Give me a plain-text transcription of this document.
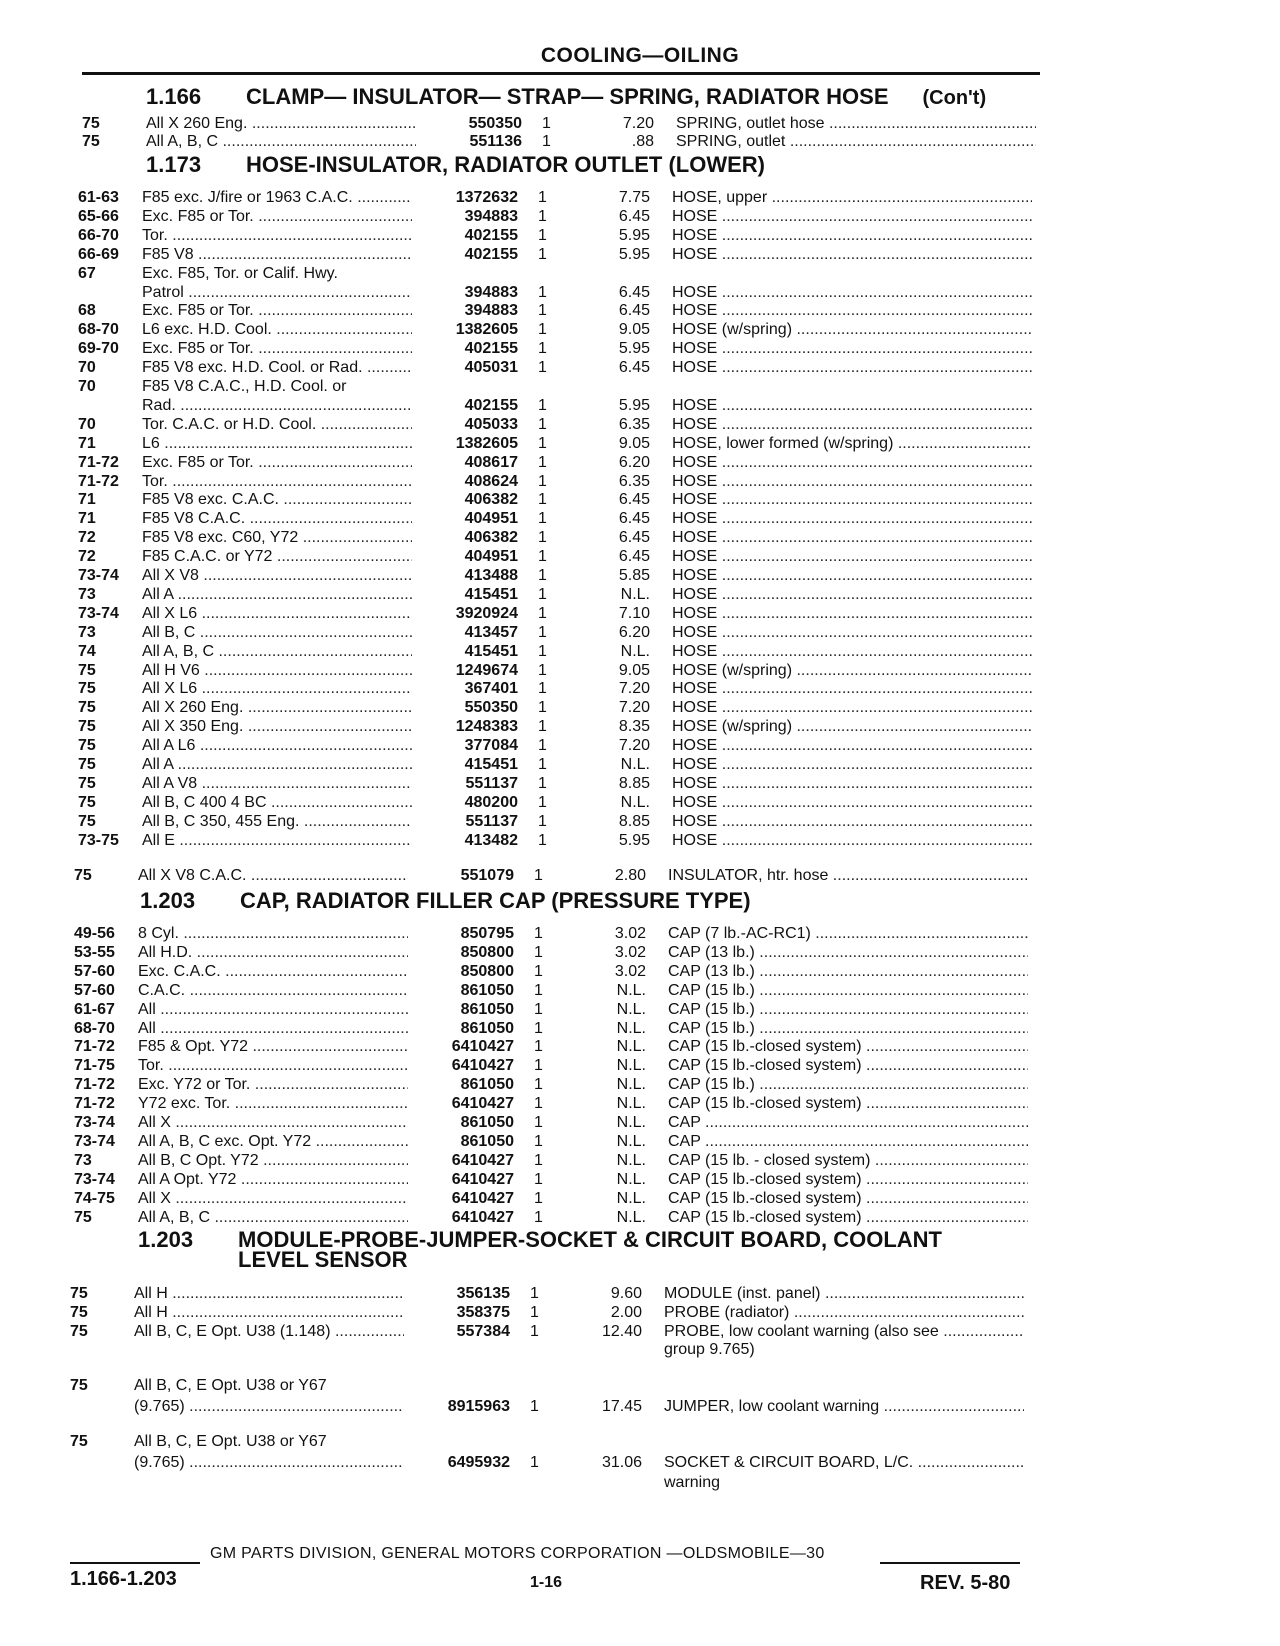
COOLING—OILING
1.166 CLAMP— INSULATOR— STRAP— SPRING, RADIATOR HOSE (Con't)
75	All X 260 Eng. .....	550350 1	7.20 SPRING, outlet hose .....
75	All A, B, C .....	551136 1	.88 SPRING, outlet .....
1.173 HOSE-INSULATOR, RADIATOR OUTLET (LOWER)
61-63	F85 exc. J/fire or 1963 C.A.C. .....	1372632 1	7.75 HOSE, upper .....
65-66	Exc. F85 or Tor. .....	394883 1	6.45 HOSE .....
66-70	Tor. .....	402155 1	5.95 HOSE .....
66-69	F85 V8 .....	402155 1	5.95 HOSE .....
67	Exc. F85, Tor. or Calif. Hwy.
Patrol .....	394883 1	6.45 HOSE .....
68	Exc. F85 or Tor. .....	394883 1	6.45 HOSE .....
68-70	L6 exc. H.D. Cool. .....	1382605 1	9.05 HOSE (w/spring) .....
69-70	Exc. F85 or Tor. .....	402155 1	5.95 HOSE .....
70	F85 V8 exc. H.D. Cool. or Rad. .....	405031 1	6.45 HOSE .....
70	F85 V8 C.A.C., H.D. Cool. or
Rad. .....	402155 1	5.95 HOSE .....
70	Tor. C.A.C. or H.D. Cool. .....	405033 1	6.35 HOSE .....
71	L6 .....	1382605 1	9.05 HOSE, lower formed (w/spring) .....
71-72	Exc. F85 or Tor. .....	408617 1	6.20 HOSE .....
71-72	Tor. .....	408624 1	6.35 HOSE .....
71	F85 V8 exc. C.A.C. .....	406382 1	6.45 HOSE .....
71	F85 V8 C.A.C. .....	404951 1	6.45 HOSE .....
72	F85 V8 exc. C60, Y72 .....	406382 1	6.45 HOSE .....
72	F85 C.A.C. or Y72 .....	404951 1	6.45 HOSE .....
73-74	All X V8 .....	413488 1	5.85 HOSE .....
73	All A .....	415451 1	N.L. HOSE .....
73-74	All X L6 .....	3920924 1	7.10 HOSE .....
73	All B, C .....	413457 1	6.20 HOSE .....
74	All A, B, C .....	415451 1	N.L. HOSE .....
75	All H V6 .....	1249674 1	9.05 HOSE (w/spring) .....
75	All X L6 .....	367401 1	7.20 HOSE .....
75	All X 260 Eng. .....	550350 1	7.20 HOSE .....
75	All X 350 Eng. .....	1248383 1	8.35 HOSE (w/spring) .....
75	All A L6 .....	377084 1	7.20 HOSE .....
75	All A .....	415451 1	N.L. HOSE .....
75	All A V8 .....	551137 1	8.85 HOSE .....
75	All B, C 400 4 BC .....	480200 1	N.L. HOSE .....
75	All B, C 350, 455 Eng. .....	551137 1	8.85 HOSE .....
73-75	All E .....	413482 1	5.95 HOSE .....
75	All X V8 C.A.C. .....	551079 1	2.80 INSULATOR, htr. hose .....
1.203 CAP, RADIATOR FILLER CAP (PRESSURE TYPE)
49-56	8 Cyl. .....	850795 1	3.02 CAP (7 lb.-AC-RC1) .....
53-55	All H.D. .....	850800 1	3.02 CAP (13 lb.) .....
57-60	Exc. C.A.C. .....	850800 1	3.02 CAP (13 lb.) .....
57-60	C.A.C. .....	861050 1	N.L. CAP (15 lb.) .....
61-67	All .....	861050 1	N.L. CAP (15 lb.) .....
68-70	All .....	861050 1	N.L. CAP (15 lb.) .....
71-72	F85 & Opt. Y72 .....	6410427 1	N.L. CAP (15 lb.-closed system) .....
71-75	Tor. .....	6410427 1	N.L. CAP (15 lb.-closed system) .....
71-72	Exc. Y72 or Tor. .....	861050 1	N.L. CAP (15 lb.) .....
71-72	Y72 exc. Tor. .....	6410427 1	N.L. CAP (15 lb.-closed system) .....
73-74	All X .....	861050 1	N.L. CAP .....
73-74	All A, B, C exc. Opt. Y72 .....	861050 1	N.L. CAP .....
73	All B, C Opt. Y72 .....	6410427 1	N.L. CAP (15 lb. - closed system) .....
73-74	All A Opt. Y72 .....	6410427 1	N.L. CAP (15 lb.-closed system) .....
74-75	All X .....	6410427 1	N.L. CAP (15 lb.-closed system) .....
75	All A, B, C .....	6410427 1	N.L. CAP (15 lb.-closed system) .....
1.203 MODULE-PROBE-JUMPER-SOCKET & CIRCUIT BOARD, COOLANT
LEVEL SENSOR
75	All H .....	356135 1	9.60 MODULE (inst. panel) .....
75	All H .....	358375 1	2.00 PROBE (radiator) .....
75	All B, C, E Opt. U38 (1.148) .....	557384 1	12.40 PROBE, low coolant warning (also see .....
group 9.765)
75	All B, C, E Opt. U38 or Y67
(9.765) .....	8915963 1	17.45 JUMPER, low coolant warning .....
75	All B, C, E Opt. U38 or Y67
(9.765) .....	6495932 1	31.06 SOCKET & CIRCUIT BOARD, L/C. .....
warning
GM PARTS DIVISION, GENERAL MOTORS CORPORATION —OLDSMOBILE—30
1.166-1.203	1-16	REV. 5-80
